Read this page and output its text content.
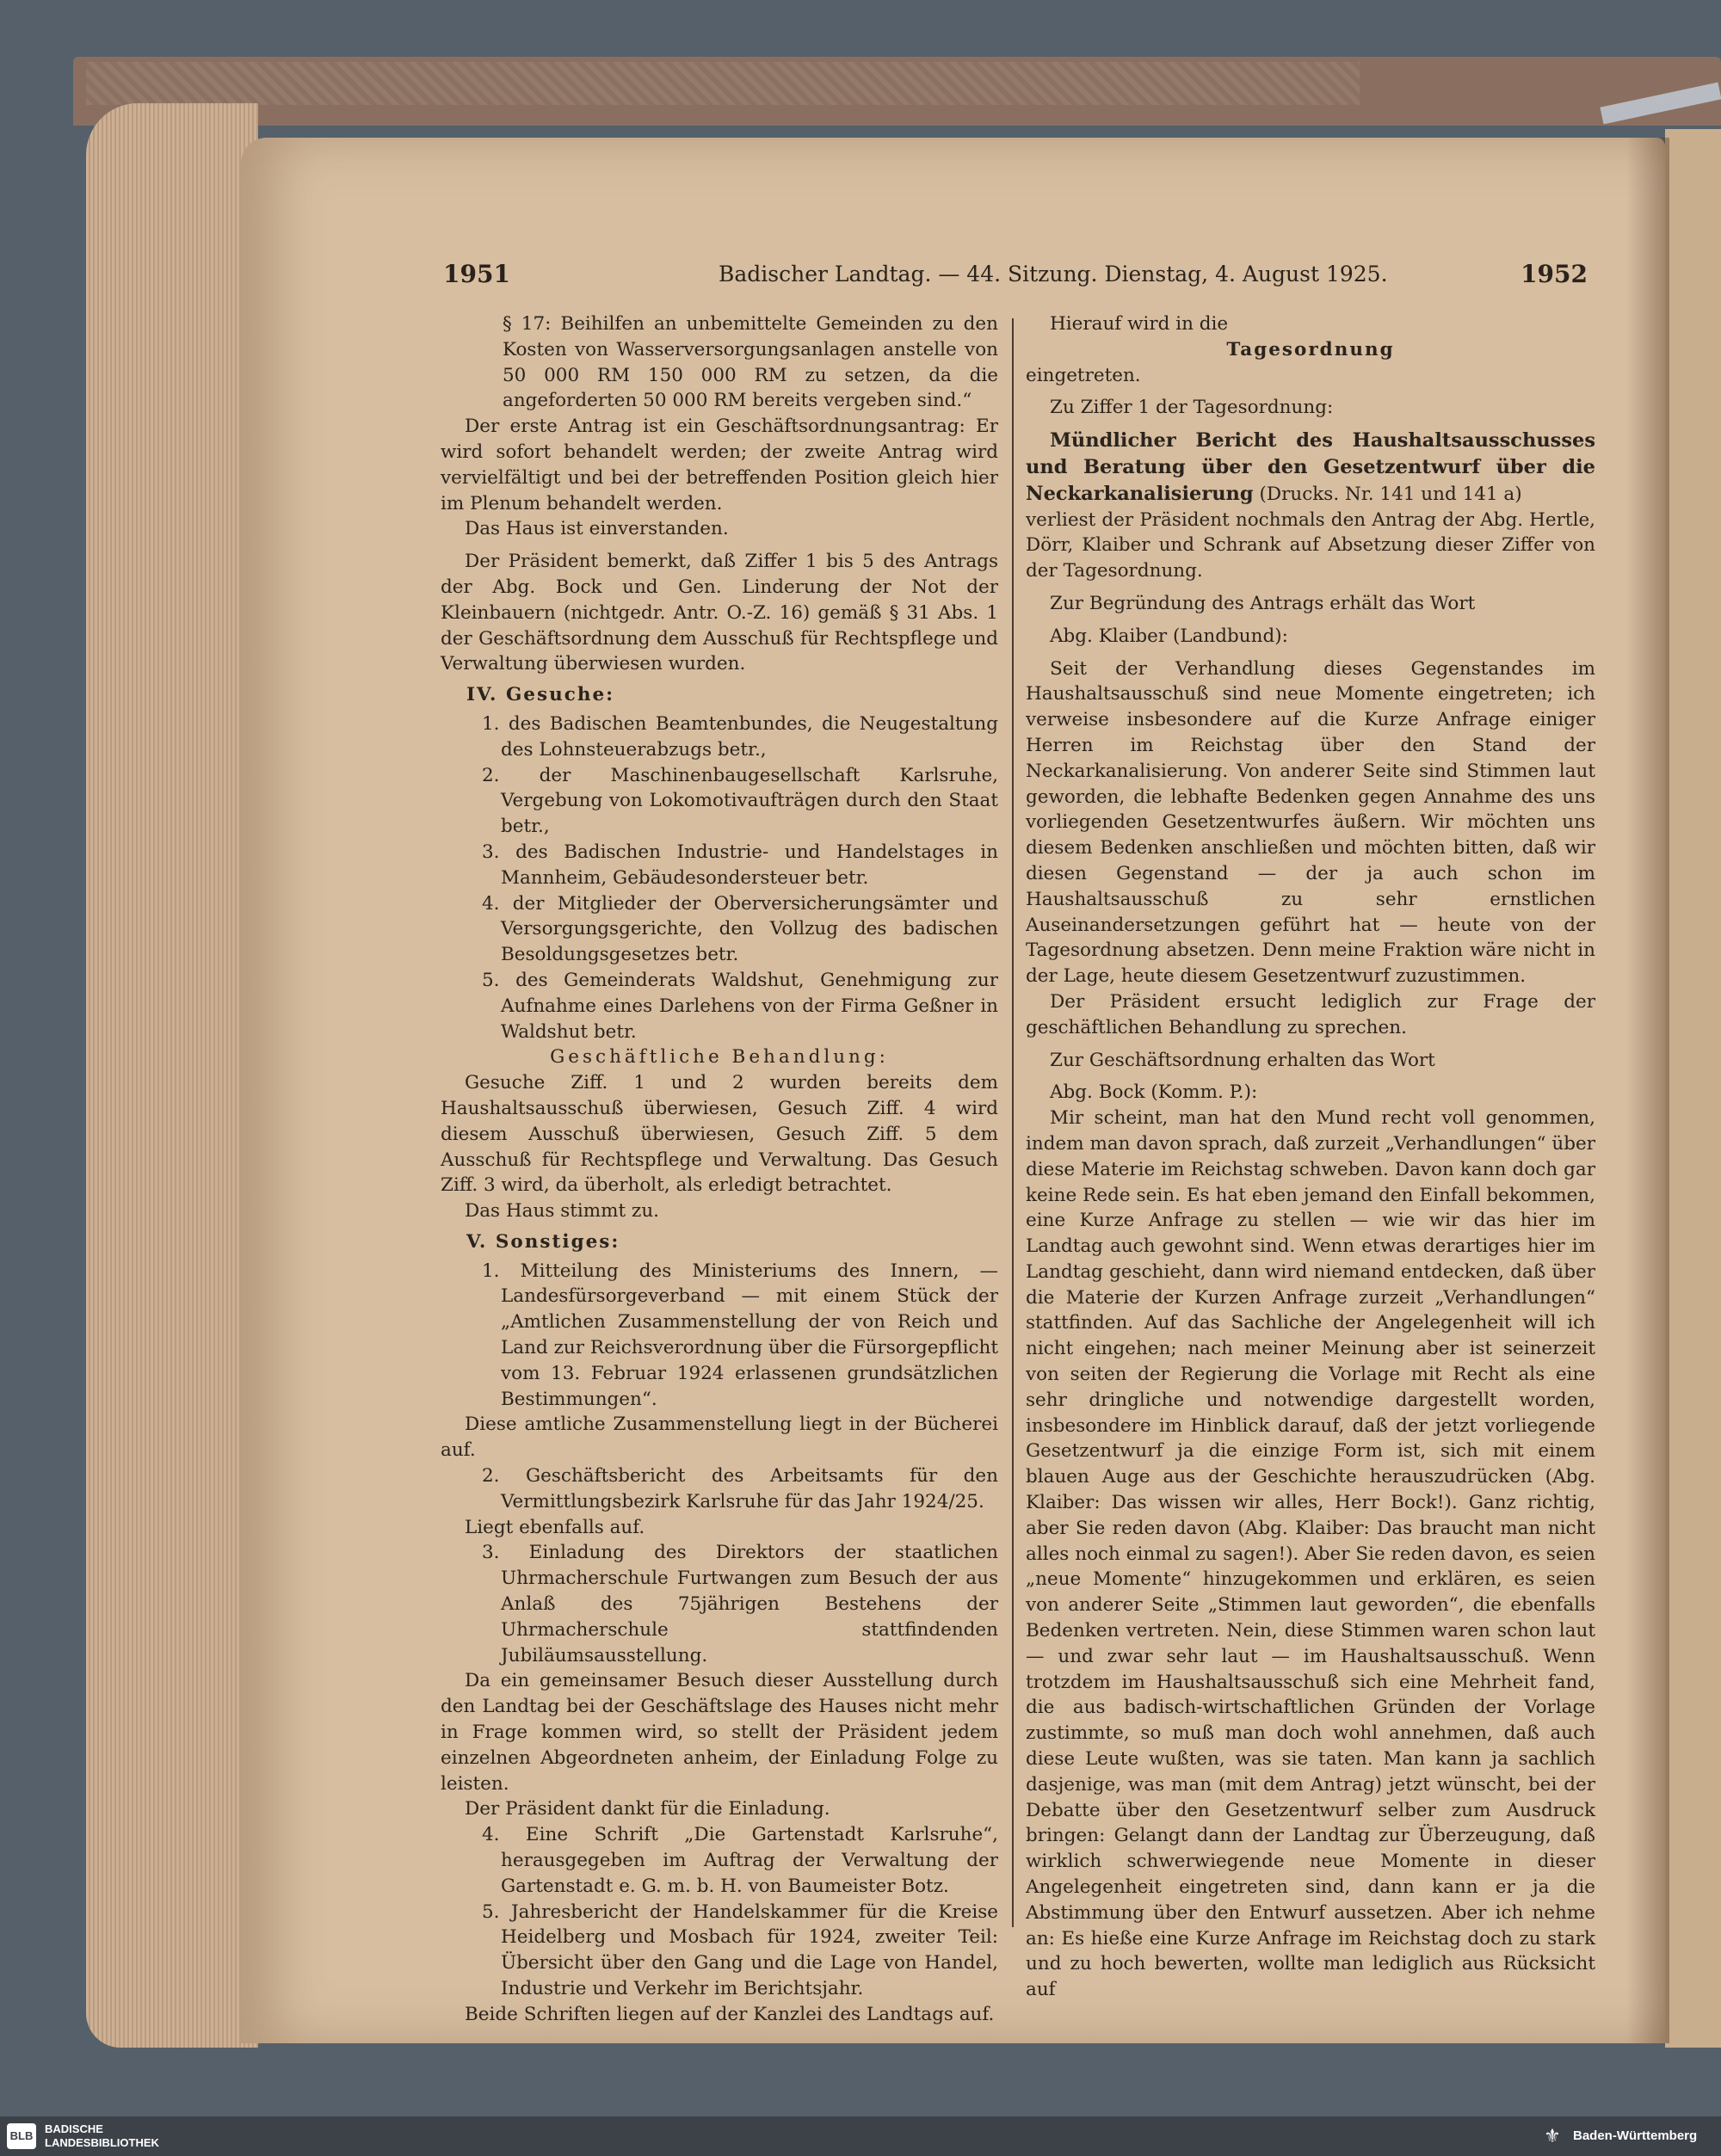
1951	Badischer Landtag. — 44. Sitzung. Dienstag, 4. August 1925.	1952

§ 17: Beihilfen an unbemittelte Gemeinden zu den Kosten von Wasserversorgungsanlagen anstelle von 50 000 RM 150 000 RM zu setzen, da die angeforderten 50 000 RM bereits vergeben sind.“

Der erste Antrag ist ein Geschäftsordnungsantrag: Er wird sofort behandelt werden; der zweite Antrag wird vervielfältigt und bei der betreffenden Position gleich hier im Plenum behandelt werden.

Das Haus ist einverstanden.

Der Präsident bemerkt, daß Ziffer 1 bis 5 des Antrags der Abg. Bock und Gen. Linderung der Not der Kleinbauern (nichtgedr. Antr. O.-Z. 16) gemäß § 31 Abs. 1 der Geschäftsordnung dem Ausschuß für Rechtspflege und Verwaltung überwiesen wurden.

IV. Gesuche:

1. des Badischen Beamtenbundes, die Neugestaltung des Lohnsteuerabzugs betr.,

2. der Maschinenbaugesellschaft Karlsruhe, Vergebung von Lokomotivaufträgen durch den Staat betr.,

3. des Badischen Industrie- und Handelstages in Mannheim, Gebäudesondersteuer betr.

4. der Mitglieder der Oberversicherungsämter und Versorgungsgerichte, den Vollzug des badischen Besoldungsgesetzes betr.

5. des Gemeinderats Waldshut, Genehmigung zur Aufnahme eines Darlehens von der Firma Geßner in Waldshut betr.

Geschäftliche Behandlung:

Gesuche Ziff. 1 und 2 wurden bereits dem Haushaltsausschuß überwiesen, Gesuch Ziff. 4 wird diesem Ausschuß überwiesen, Gesuch Ziff. 5 dem Ausschuß für Rechtspflege und Verwaltung. Das Gesuch Ziff. 3 wird, da überholt, als erledigt betrachtet.

Das Haus stimmt zu.

V. Sonstiges:

1. Mitteilung des Ministeriums des Innern, — Landesfürsorgeverband — mit einem Stück der „Amtlichen Zusammenstellung der von Reich und Land zur Reichsverordnung über die Fürsorgepflicht vom 13. Februar 1924 erlassenen grundsätzlichen Bestimmungen“.

Diese amtliche Zusammenstellung liegt in der Bücherei auf.

2. Geschäftsbericht des Arbeitsamts für den Vermittlungsbezirk Karlsruhe für das Jahr 1924/25.

Liegt ebenfalls auf.

3. Einladung des Direktors der staatlichen Uhrmacherschule Furtwangen zum Besuch der aus Anlaß des 75jährigen Bestehens der Uhrmacherschule stattfindenden Jubiläumsausstellung.

Da ein gemeinsamer Besuch dieser Ausstellung durch den Landtag bei der Geschäftslage des Hauses nicht mehr in Frage kommen wird, so stellt der Präsident jedem einzelnen Abgeordneten anheim, der Einladung Folge zu leisten.

Der Präsident dankt für die Einladung.

4. Eine Schrift „Die Gartenstadt Karlsruhe“, herausgegeben im Auftrag der Verwaltung der Gartenstadt e. G. m. b. H. von Baumeister Botz.

5. Jahresbericht der Handelskammer für die Kreise Heidelberg und Mosbach für 1924, zweiter Teil: Übersicht über den Gang und die Lage von Handel, Industrie und Verkehr im Berichtsjahr.

Beide Schriften liegen auf der Kanzlei des Landtags auf.

Hierauf wird in die

Tagesordnung

eingetreten.

Zu Ziffer 1 der Tagesordnung:

Mündlicher Bericht des Haushaltsausschusses und Beratung über den Gesetzentwurf über die Neckarkanalisierung (Drucks. Nr. 141 und 141 a)

verliest der Präsident nochmals den Antrag der Abg. Hertle, Dörr, Klaiber und Schrank auf Absetzung dieser Ziffer von der Tagesordnung.

Zur Begründung des Antrags erhält das Wort

Abg. Klaiber (Landbund):

Seit der Verhandlung dieses Gegenstandes im Haushaltsausschuß sind neue Momente eingetreten; ich verweise insbesondere auf die Kurze Anfrage einiger Herren im Reichstag über den Stand der Neckarkanalisierung. Von anderer Seite sind Stimmen laut geworden, die lebhafte Bedenken gegen Annahme des uns vorliegenden Gesetzentwurfes äußern. Wir möchten uns diesem Bedenken anschließen und möchten bitten, daß wir diesen Gegenstand — der ja auch schon im Haushaltsausschuß zu sehr ernstlichen Auseinandersetzungen geführt hat — heute von der Tagesordnung absetzen. Denn meine Fraktion wäre nicht in der Lage, heute diesem Gesetzentwurf zuzustimmen.

Der Präsident ersucht lediglich zur Frage der geschäftlichen Behandlung zu sprechen.

Zur Geschäftsordnung erhalten das Wort

Abg. Bock (Komm. P.):

Mir scheint, man hat den Mund recht voll genommen, indem man davon sprach, daß zurzeit „Verhandlungen“ über diese Materie im Reichstag schweben. Davon kann doch gar keine Rede sein. Es hat eben jemand den Einfall bekommen, eine Kurze Anfrage zu stellen — wie wir das hier im Landtag auch gewohnt sind. Wenn etwas derartiges hier im Landtag geschieht, dann wird niemand entdecken, daß über die Materie der Kurzen Anfrage zurzeit „Verhandlungen“ stattfinden. Auf das Sachliche der Angelegenheit will ich nicht eingehen; nach meiner Meinung aber ist seinerzeit von seiten der Regierung die Vorlage mit Recht als eine sehr dringliche und notwendige dargestellt worden, insbesondere im Hinblick darauf, daß der jetzt vorliegende Gesetzentwurf ja die einzige Form ist, sich mit einem blauen Auge aus der Geschichte herauszudrücken (Abg. Klaiber: Das wissen wir alles, Herr Bock!). Ganz richtig, aber Sie reden davon (Abg. Klaiber: Das braucht man nicht alles noch einmal zu sagen!). Aber Sie reden davon, es seien „neue Momente“ hinzugekommen und erklären, es seien von anderer Seite „Stimmen laut geworden“, die ebenfalls Bedenken vertreten. Nein, diese Stimmen waren schon laut — und zwar sehr laut — im Haushaltsausschuß. Wenn trotzdem im Haushaltsausschuß sich eine Mehrheit fand, die aus badisch-wirtschaftlichen Gründen der Vorlage zustimmte, so muß man doch wohl annehmen, daß auch diese Leute wußten, was sie taten. Man kann ja sachlich dasjenige, was man (mit dem Antrag) jetzt wünscht, bei der Debatte über den Gesetzentwurf selber zum Ausdruck bringen: Gelangt dann der Landtag zur Überzeugung, daß wirklich schwerwiegende neue Momente in dieser Angelegenheit eingetreten sind, dann kann er ja die Abstimmung über den Entwurf aussetzen. Aber ich nehme an: Es hieße eine Kurze Anfrage im Reichstag doch zu stark und zu hoch bewerten, wollte man lediglich aus Rücksicht auf

BLB
BADISCHE
LANDESBIBLIOTHEK	⚜ Baden-Württemberg
